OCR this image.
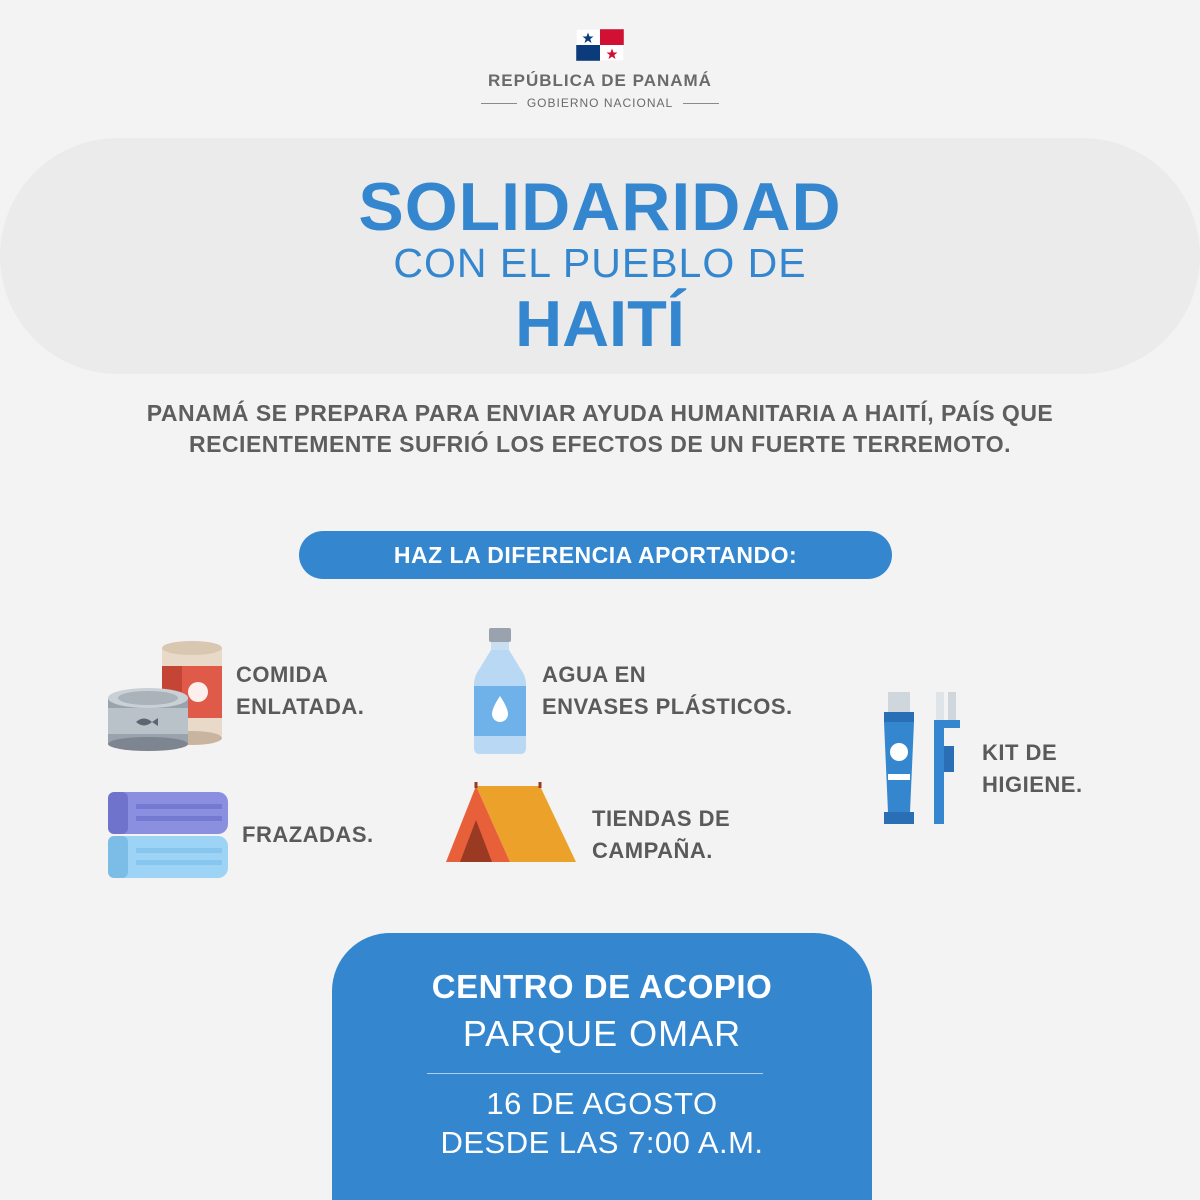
REPÚBLICA DE PANAMÁ
GOBIERNO NACIONAL
SOLIDARIDAD
CON EL PUEBLO DE
HAITÍ
PANAMÁ SE PREPARA PARA ENVIAR AYUDA HUMANITARIA A HAITÍ, PAÍS QUE RECIENTEMENTE SUFRIÓ LOS EFECTOS DE UN FUERTE TERREMOTO.
HAZ LA DIFERENCIA APORTANDO:
COMIDA
ENLATADA.
AGUA EN
ENVASES PLÁSTICOS.
KIT DE
HIGIENE.
FRAZADAS.
TIENDAS DE
CAMPAÑA.
CENTRO DE ACOPIO
PARQUE OMAR
16 DE AGOSTO
DESDE LAS 7:00 A.M.
